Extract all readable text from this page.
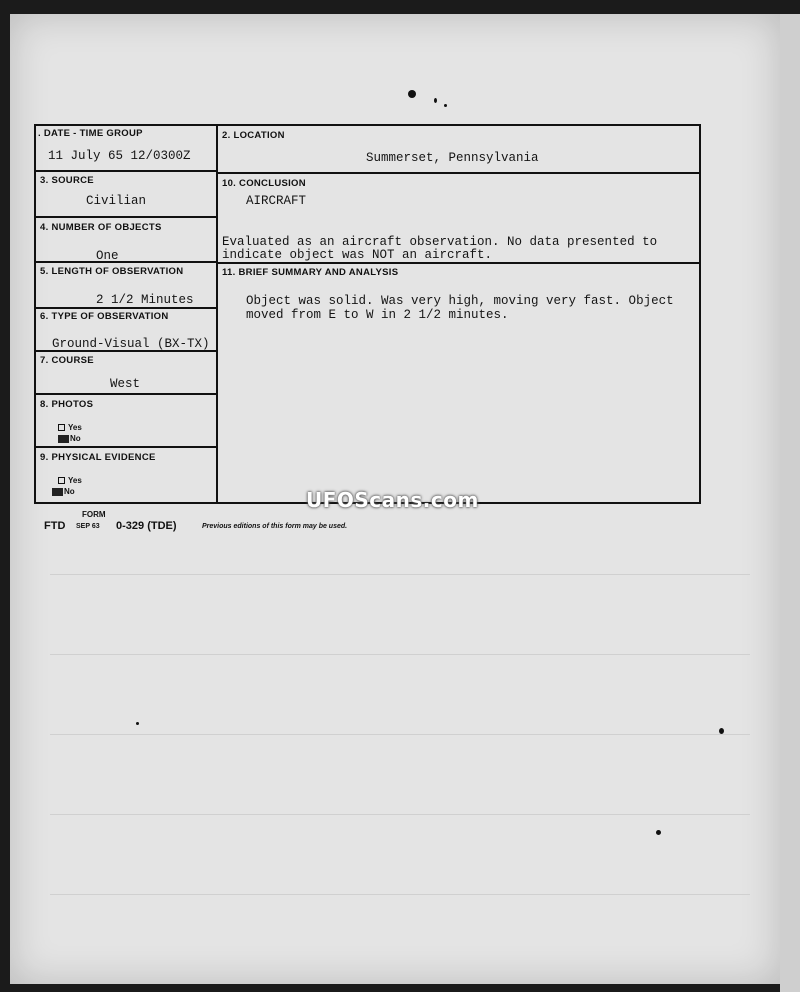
. DATE - TIME GROUP
11 July 65 12/0300Z
2. LOCATION
Summerset, Pennsylvania
3. SOURCE
Civilian
10. CONCLUSION
AIRCRAFT
Evaluated as an aircraft observation. No data presented to
indicate object was NOT an aircraft.
4. NUMBER OF OBJECTS
One
5. LENGTH OF OBSERVATION
2 1/2 Minutes
11. BRIEF SUMMARY AND ANALYSIS
Object was solid. Was very high, moving very fast. Object
moved from E to W in 2 1/2 minutes.
6. TYPE OF OBSERVATION
Ground-Visual (BX-TX)
7. COURSE
West
8. PHOTOS
Yes
No
9. PHYSICAL EVIDENCE
Yes
No	UFOScans.com
FORM
FTD SEP 63 0-329 (TDE)	Previous editions of this form may be used.
